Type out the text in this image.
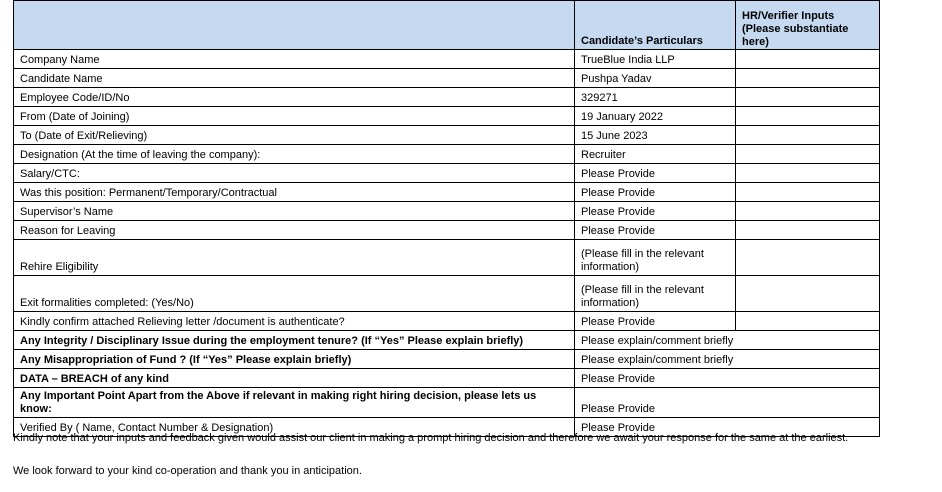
	Candidate’s Particulars	HR/Verifier Inputs (Please substantiate here)
Company Name	TrueBlue India LLP	
Candidate Name	Pushpa Yadav	
Employee Code/ID/No	329271	
From (Date of Joining)	19 January 2022	
To (Date of Exit/Relieving)	15 June 2023	
Designation (At the time of leaving the company):	Recruiter	
Salary/CTC:	Please Provide	
Was this position: Permanent/Temporary/Contractual	Please Provide	
Supervisor’s Name	Please Provide	
Reason for Leaving	Please Provide	
Rehire Eligibility	(Please fill in the relevant information)	
Exit formalities completed: (Yes/No)	(Please fill in the relevant information)	
Kindly confirm attached Relieving letter /document is authenticate?	Please Provide	
Any Integrity / Disciplinary Issue during the employment tenure? (If “Yes” Please explain briefly)	Please explain/comment briefly	
Any Misappropriation of Fund ? (If “Yes” Please explain briefly)	Please explain/comment briefly	
DATA – BREACH of any kind	Please Provide	
Any Important Point Apart from the Above if relevant in making right hiring decision, please lets us know:	Please Provide	
Verified By ( Name, Contact Number & Designation)	Please Provide	
Kindly note that your inputs and feedback given would assist our client in making a prompt hiring decision and therefore we await your response for the same at the earliest.
We look forward to your kind co-operation and thank you in anticipation.
